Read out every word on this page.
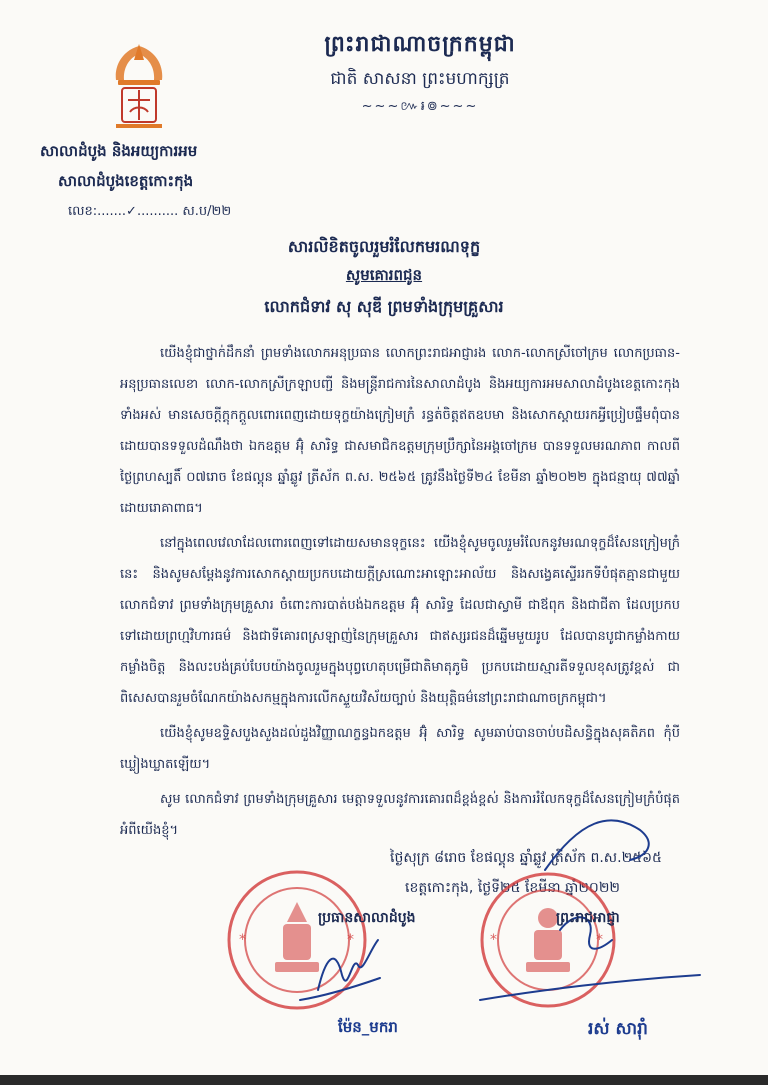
ព្រះរាជាណាចក្រកម្ពុជា
ជាតិ សាសនា ព្រះមហាក្សត្រ
~~~៚៛៙~~~
សាលាដំបូង និងអយ្យការអម
សាលាដំបូងខេត្តកោះកុង
លេខ:.......✓.......... ស.ប/២២
សារលិខិតចូលរួមរំលែកមរណទុក្ខ
សូមគោរពជូន
លោកជំទាវ សុ សុឌី ព្រមទាំងក្រុមគ្រួសារ

យើងខ្ញុំជាថ្នាក់ដឹកនាំ ព្រមទាំងលោកអនុប្រធាន លោកព្រះរាជអាជ្ញារង លោក-លោកស្រីចៅក្រម លោកប្រធាន-អនុប្រធានលេខា លោក-លោកស្រីក្រឡាបញ្ជី និងមន្ត្រីរាជការនៃសាលាដំបូង និងអយ្យការអមសាលាដំបូងខេត្តកោះកុងទាំងអស់ មានសេចក្តីក្តុកក្តួលពោរពេញដោយទុក្ខយ៉ាងក្រៀមក្រំ រន្ធត់ចិត្តឥតឧបមា និងសោកស្តាយរកអ្វីប្រៀបផ្ទឹមពុំបាន ដោយបានទទួលដំណឹងថា ឯកឧត្តម អ៊ុំ សារិទ្ធ ជាសមាជិកឧត្តមក្រុមប្រឹក្សានៃអង្គចៅក្រម បានទទួលមរណភាព កាលពីថ្ងៃព្រហស្បតិ៍ ០៧រោច ខែផល្គុន ឆ្នាំឆ្លូវ ត្រីស័ក ព.ស. ២៥៦៥ ត្រូវនឹងថ្ងៃទី២៤ ខែមីនា ឆ្នាំ២០២២ ក្នុងជន្មាយុ ៧៧ឆ្នាំ ដោយរោគាពាធ។

នៅក្នុងពេលវេលាដែលពោរពេញទៅដោយសមានទុក្ខនេះ យើងខ្ញុំសូមចូលរួមរំលែកនូវមរណទុក្ខដ៏សែនក្រៀមក្រំនេះ និងសូមសម្តែងនូវការសោកស្តាយប្រកបដោយក្តីស្រណោះអាឡោះអាល័យ និងសង្វេគស្ទើររកទីបំផុតគ្មានជាមួយ លោកជំទាវ ព្រមទាំងក្រុមគ្រួសារ ចំពោះការបាត់បង់ឯកឧត្តម អ៊ុំ សារិទ្ធ ដែលជាស្វាមី ជាឪពុក និងជាជីតា ដែលប្រកបទៅដោយព្រហ្មវិហារធម៌ និងជាទីគោរពស្រឡាញ់នៃក្រុមគ្រួសារ ជាឥស្សរជនដ៏ឆ្នើមមួយរូប ដែលបានបូជាកម្លាំងកាយ កម្លាំងចិត្ត និងលះបង់គ្រប់បែបយ៉ាងចូលរួមក្នុងបុព្វហេតុបម្រើជាតិមាតុភូមិ ប្រកបដោយស្មារតីទទួលខុសត្រូវខ្ពស់ ជាពិសេសបានរួមចំណែកយ៉ាងសកម្មក្នុងការលើកស្ទួយវិស័យច្បាប់ និងយុត្តិធម៌នៅព្រះរាជាណាចក្រកម្ពុជា។

យើងខ្ញុំសូមឧទ្ទិសបួងសួងដល់ដួងវិញ្ញាណក្ខន្ធឯកឧត្តម អ៊ុំ សារិទ្ធ សូមឆាប់បានចាប់បដិសន្ធិក្នុងសុគតិភព កុំបីឃ្លៀងឃ្លាតឡើយ។

សូម លោកជំទាវ ព្រមទាំងក្រុមគ្រួសារ មេត្តាទទួលនូវការគោរពដ៏ខ្ពង់ខ្ពស់ និងការរំលែកទុក្ខដ៏សែនក្រៀមក្រំបំផុតអំពីយើងខ្ញុំ។

ថ្ងៃសុក្រ ៨រោច ខែផល្គុន ឆ្នាំឆ្លូវ ត្រីស័ក ព.ស.២៥៦៥
ខេត្តកោះកុង, ថ្ងៃទី២៥ ខែមីនា ឆ្នាំ២០២២
*	*	*	*
ប្រធានសាលាដំបូង	ព្រះរាជអាជ្ញា
ម៉ែន_មករា	រស់ សារ៉ាំ
